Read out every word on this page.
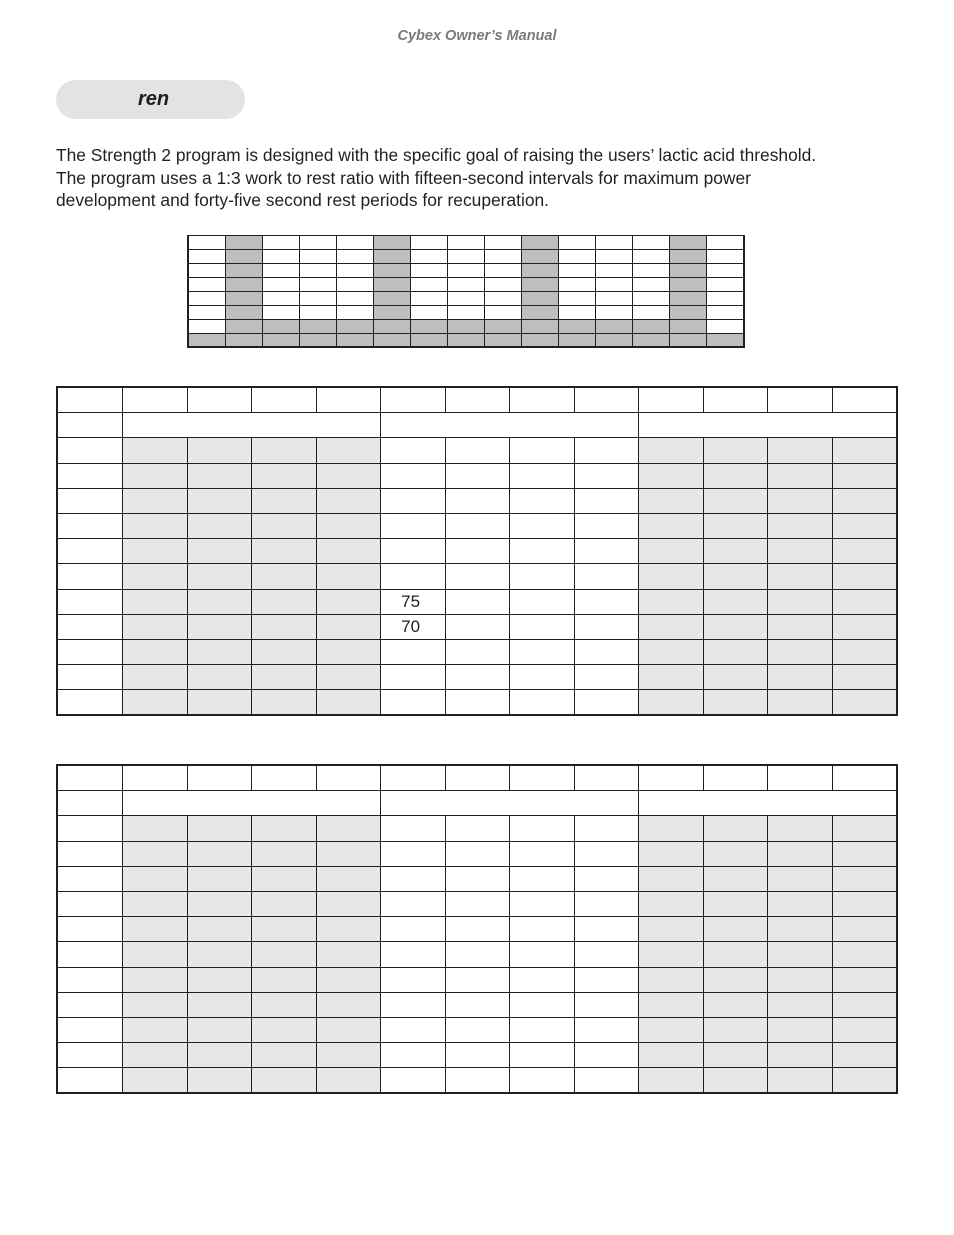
Cybex Owner’s Manual
ren
The Strength 2 program is designed with the specific goal of raising the users’ lactic acid threshold.
The program uses a 1:3 work to rest ratio with fifteen-second intervals for maximum power
development and forty-five second rest periods for recuperation.

					75							
					70							
